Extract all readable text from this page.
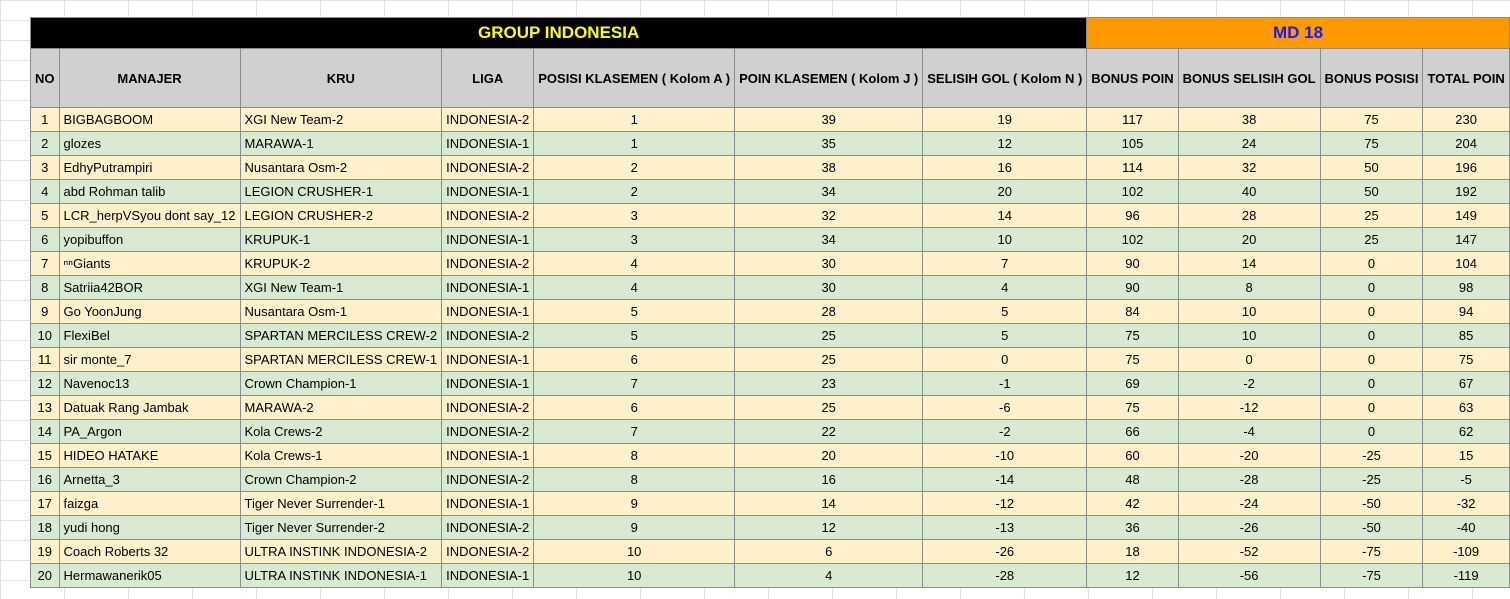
GROUP INDONESIA							MD 18			
NO	MANAJER	KRU	LIGA	POSISI KLASEMEN ( Kolom A )	POIN KLASEMEN ( Kolom J )	SELISIH GOL ( Kolom N )	BONUS POIN	BONUS SELISIH GOL	BONUS POSISI	TOTAL POIN
1	BIGBAGBOOM	XGI New Team-2	INDONESIA-2	1	39	19	117	38	75	230
2	glozes	MARAWA-1	INDONESIA-1	1	35	12	105	24	75	204
3	EdhyPutrampiri	Nusantara Osm-2	INDONESIA-2	2	38	16	114	32	50	196
4	abd Rohman talib	LEGION CRUSHER-1	INDONESIA-1	2	34	20	102	40	50	192
5	LCR_herpVSyou dont say_12	LEGION CRUSHER-2	INDONESIA-2	3	32	14	96	28	25	149
6	yopibuffon	KRUPUK-1	INDONESIA-1	3	34	10	102	20	25	147
7	ⁿⁿGiants	KRUPUK-2	INDONESIA-2	4	30	7	90	14	0	104
8	Satriia42BOR	XGI New Team-1	INDONESIA-1	4	30	4	90	8	0	98
9	Go YoonJung	Nusantara Osm-1	INDONESIA-1	5	28	5	84	10	0	94
10	FlexiBel	SPARTAN MERCILESS CREW-2	INDONESIA-2	5	25	5	75	10	0	85
11	sir monte_7	SPARTAN MERCILESS CREW-1	INDONESIA-1	6	25	0	75	0	0	75
12	Navenoc13	Crown Champion-1	INDONESIA-1	7	23	-1	69	-2	0	67
13	Datuak Rang Jambak	MARAWA-2	INDONESIA-2	6	25	-6	75	-12	0	63
14	PA_Argon	Kola Crews-2	INDONESIA-2	7	22	-2	66	-4	0	62
15	HIDEO HATAKE	Kola Crews-1	INDONESIA-1	8	20	-10	60	-20	-25	15
16	Arnetta_3	Crown Champion-2	INDONESIA-2	8	16	-14	48	-28	-25	-5
17	faizga	Tiger Never Surrender-1	INDONESIA-1	9	14	-12	42	-24	-50	-32
18	yudi hong	Tiger Never Surrender-2	INDONESIA-2	9	12	-13	36	-26	-50	-40
19	Coach Roberts 32	ULTRA INSTINK INDONESIA-2	INDONESIA-2	10	6	-26	18	-52	-75	-109
20	Hermawanerik05	ULTRA INSTINK INDONESIA-1	INDONESIA-1	10	4	-28	12	-56	-75	-119
